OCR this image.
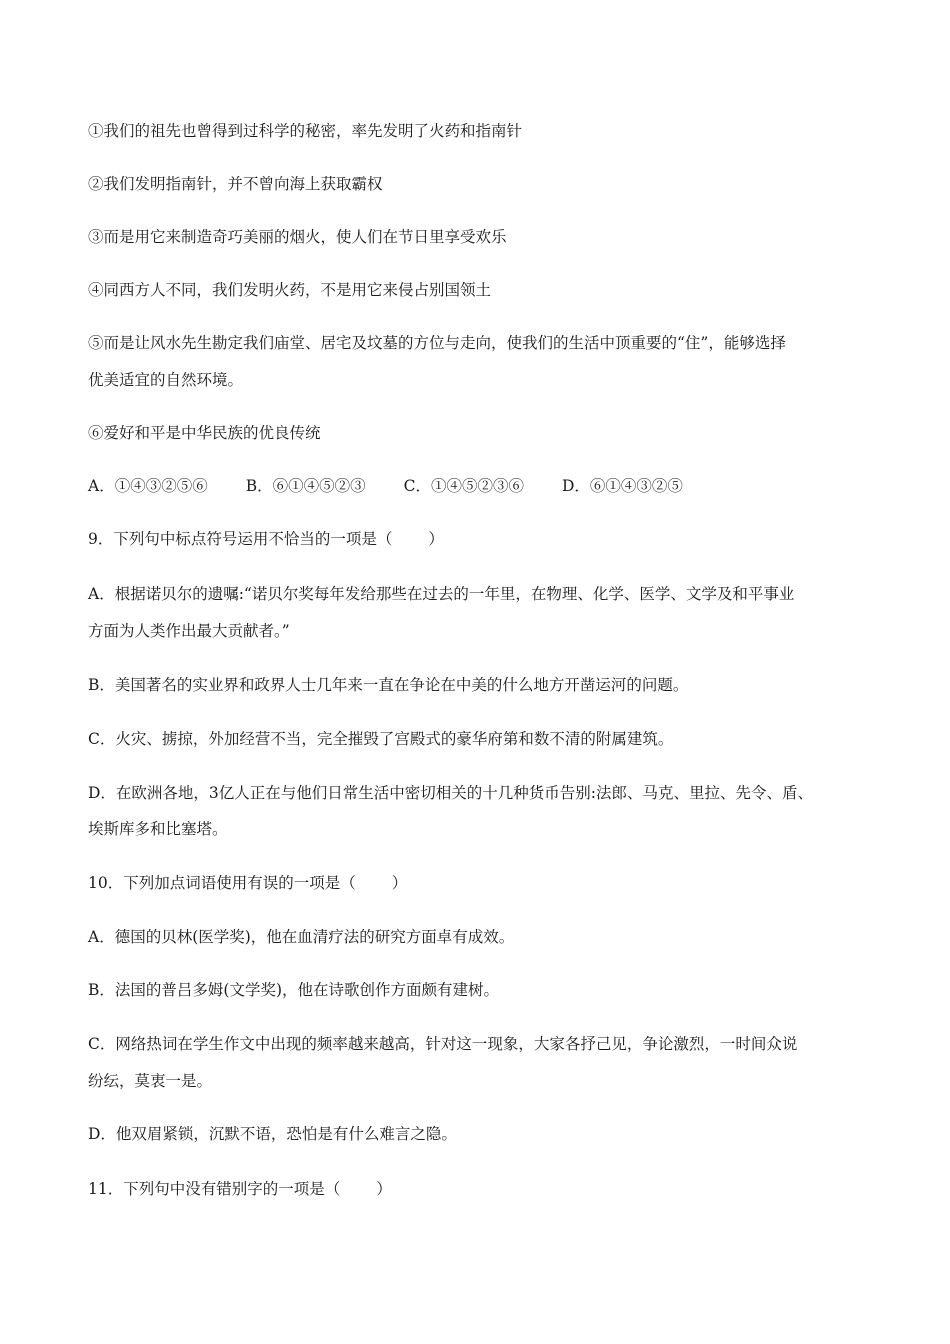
①我们的祖先也曾得到过科学的秘密，率先发明了火药和指南针
②我们发明指南针，并不曾向海上获取霸权
③而是用它来制造奇巧美丽的烟火，使人们在节日里享受欢乐
④同西方人不同，我们发明火药，不是用它来侵占别国领土
⑤而是让风水先生勘定我们庙堂、居宅及坟墓的方位与走向，使我们的生活中顶重要的“住”，能够选择
优美适宜的自然环境。
⑥爱好和平是中华民族的优良传统
A．①④③②⑤⑥ B．⑥①④⑤②③ C．①④⑤②③⑥ D．⑥①④③②⑤
9．下列句中标点符号运用不恰当的一项是（ ）
A．根据诺贝尔的遗嘱:“诺贝尔奖每年发给那些在过去的一年里，在物理、化学、医学、文学及和平事业
方面为人类作出最大贡献者。”
B．美国著名的实业界和政界人士几年来一直在争论在中美的什么地方开凿运河的问题。
C．火灾、掳掠，外加经营不当，完全摧毁了宫殿式的豪华府第和数不清的附属建筑。
D．在欧洲各地，3亿人正在与他们日常生活中密切相关的十几种货币告别:法郎、马克、里拉、先令、盾、
埃斯库多和比塞塔。
10．下列加点词语使用有误的一项是（ ）
A．德国的贝林(医学奖)，他在血清疗法的研究方面卓有成效。
B．法国的普吕多姆(文学奖)，他在诗歌创作方面颇有建树。
C．网络热词在学生作文中出现的频率越来越高，针对这一现象，大家各抒己见，争论激烈，一时间众说
纷纭，莫衷一是。
D．他双眉紧锁，沉默不语，恐怕是有什么难言之隐。
11．下列句中没有错别字的一项是（ ）
